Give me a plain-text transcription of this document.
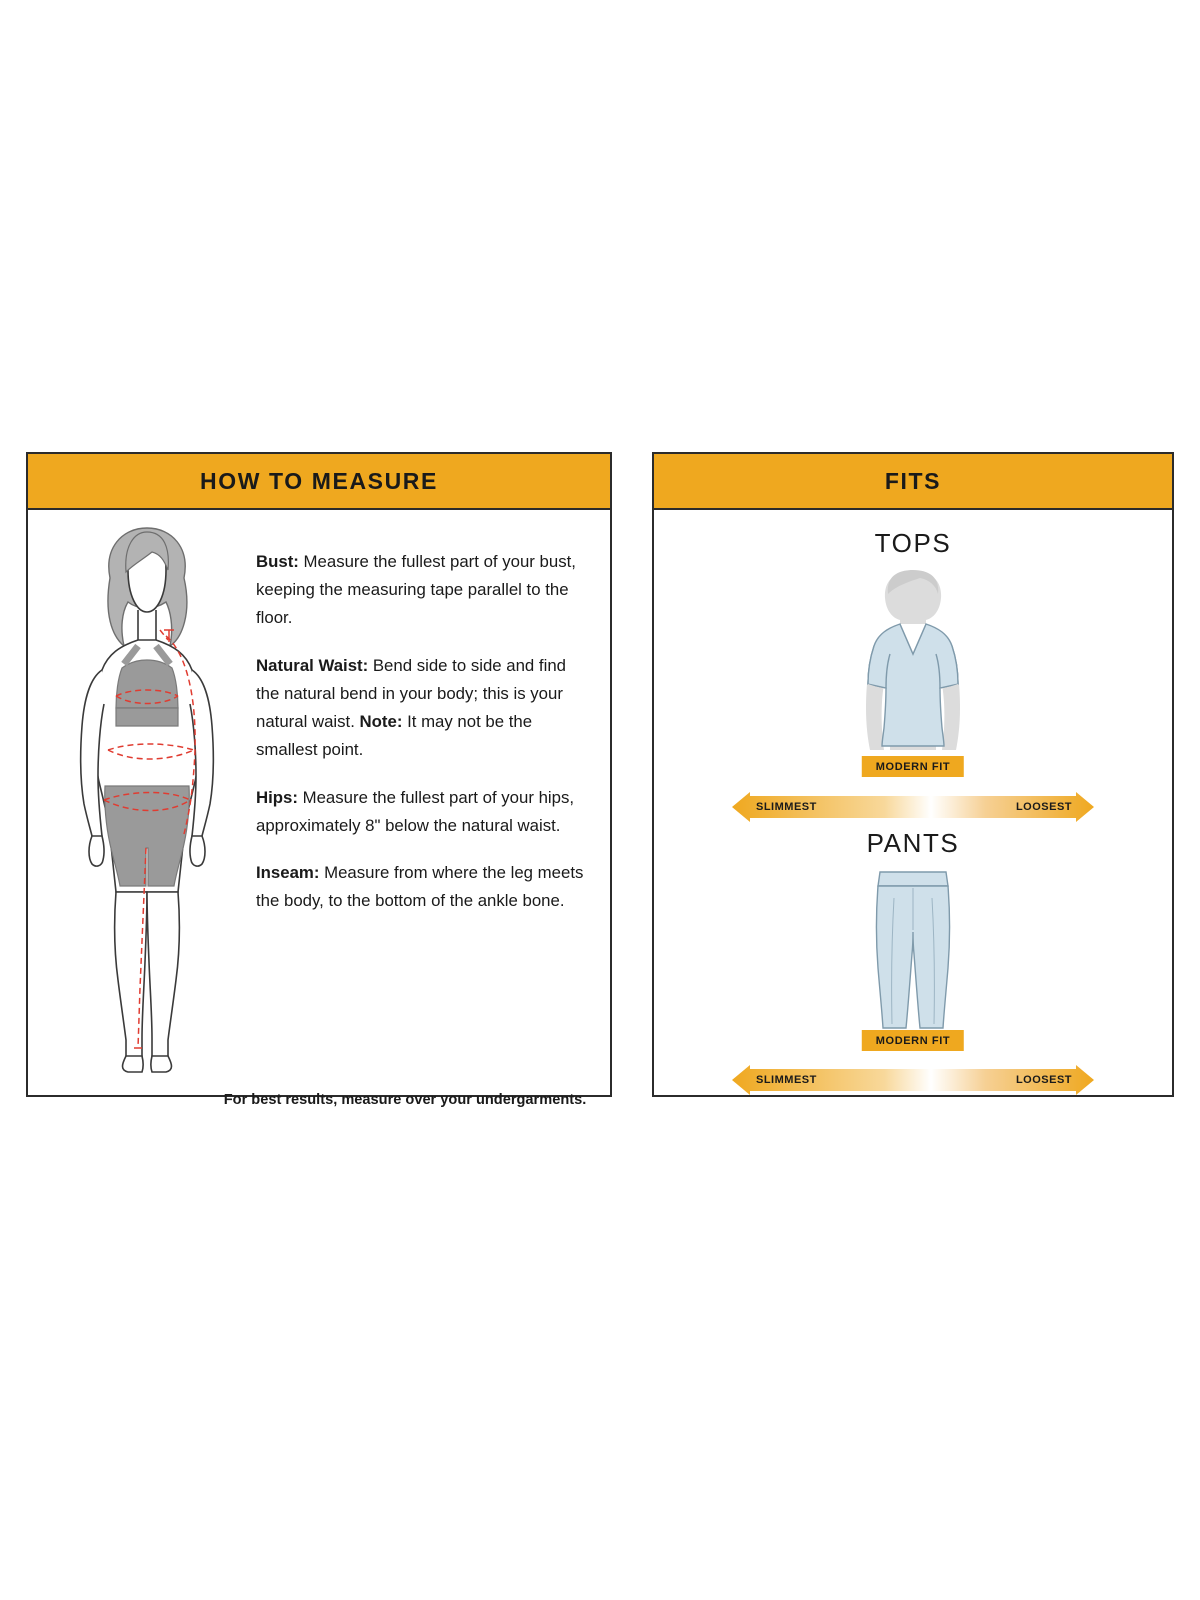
HOW TO MEASURE

Bust: Measure the fullest part of your bust, keeping the measuring tape parallel to the floor.

Natural Waist: Bend side to side and find the natural bend in your body; this is your natural waist. Note: It may not be the smallest point.

Hips: Measure the fullest part of your hips, approximately 8" below the natural waist.

Inseam: Measure from where the leg meets the body, to the bottom of the ankle bone.

For best results, measure over your undergarments.
FITS
TOPS
MODERN FIT
SLIMMEST	LOOSEST
PANTS
MODERN FIT
SLIMMEST	LOOSEST
